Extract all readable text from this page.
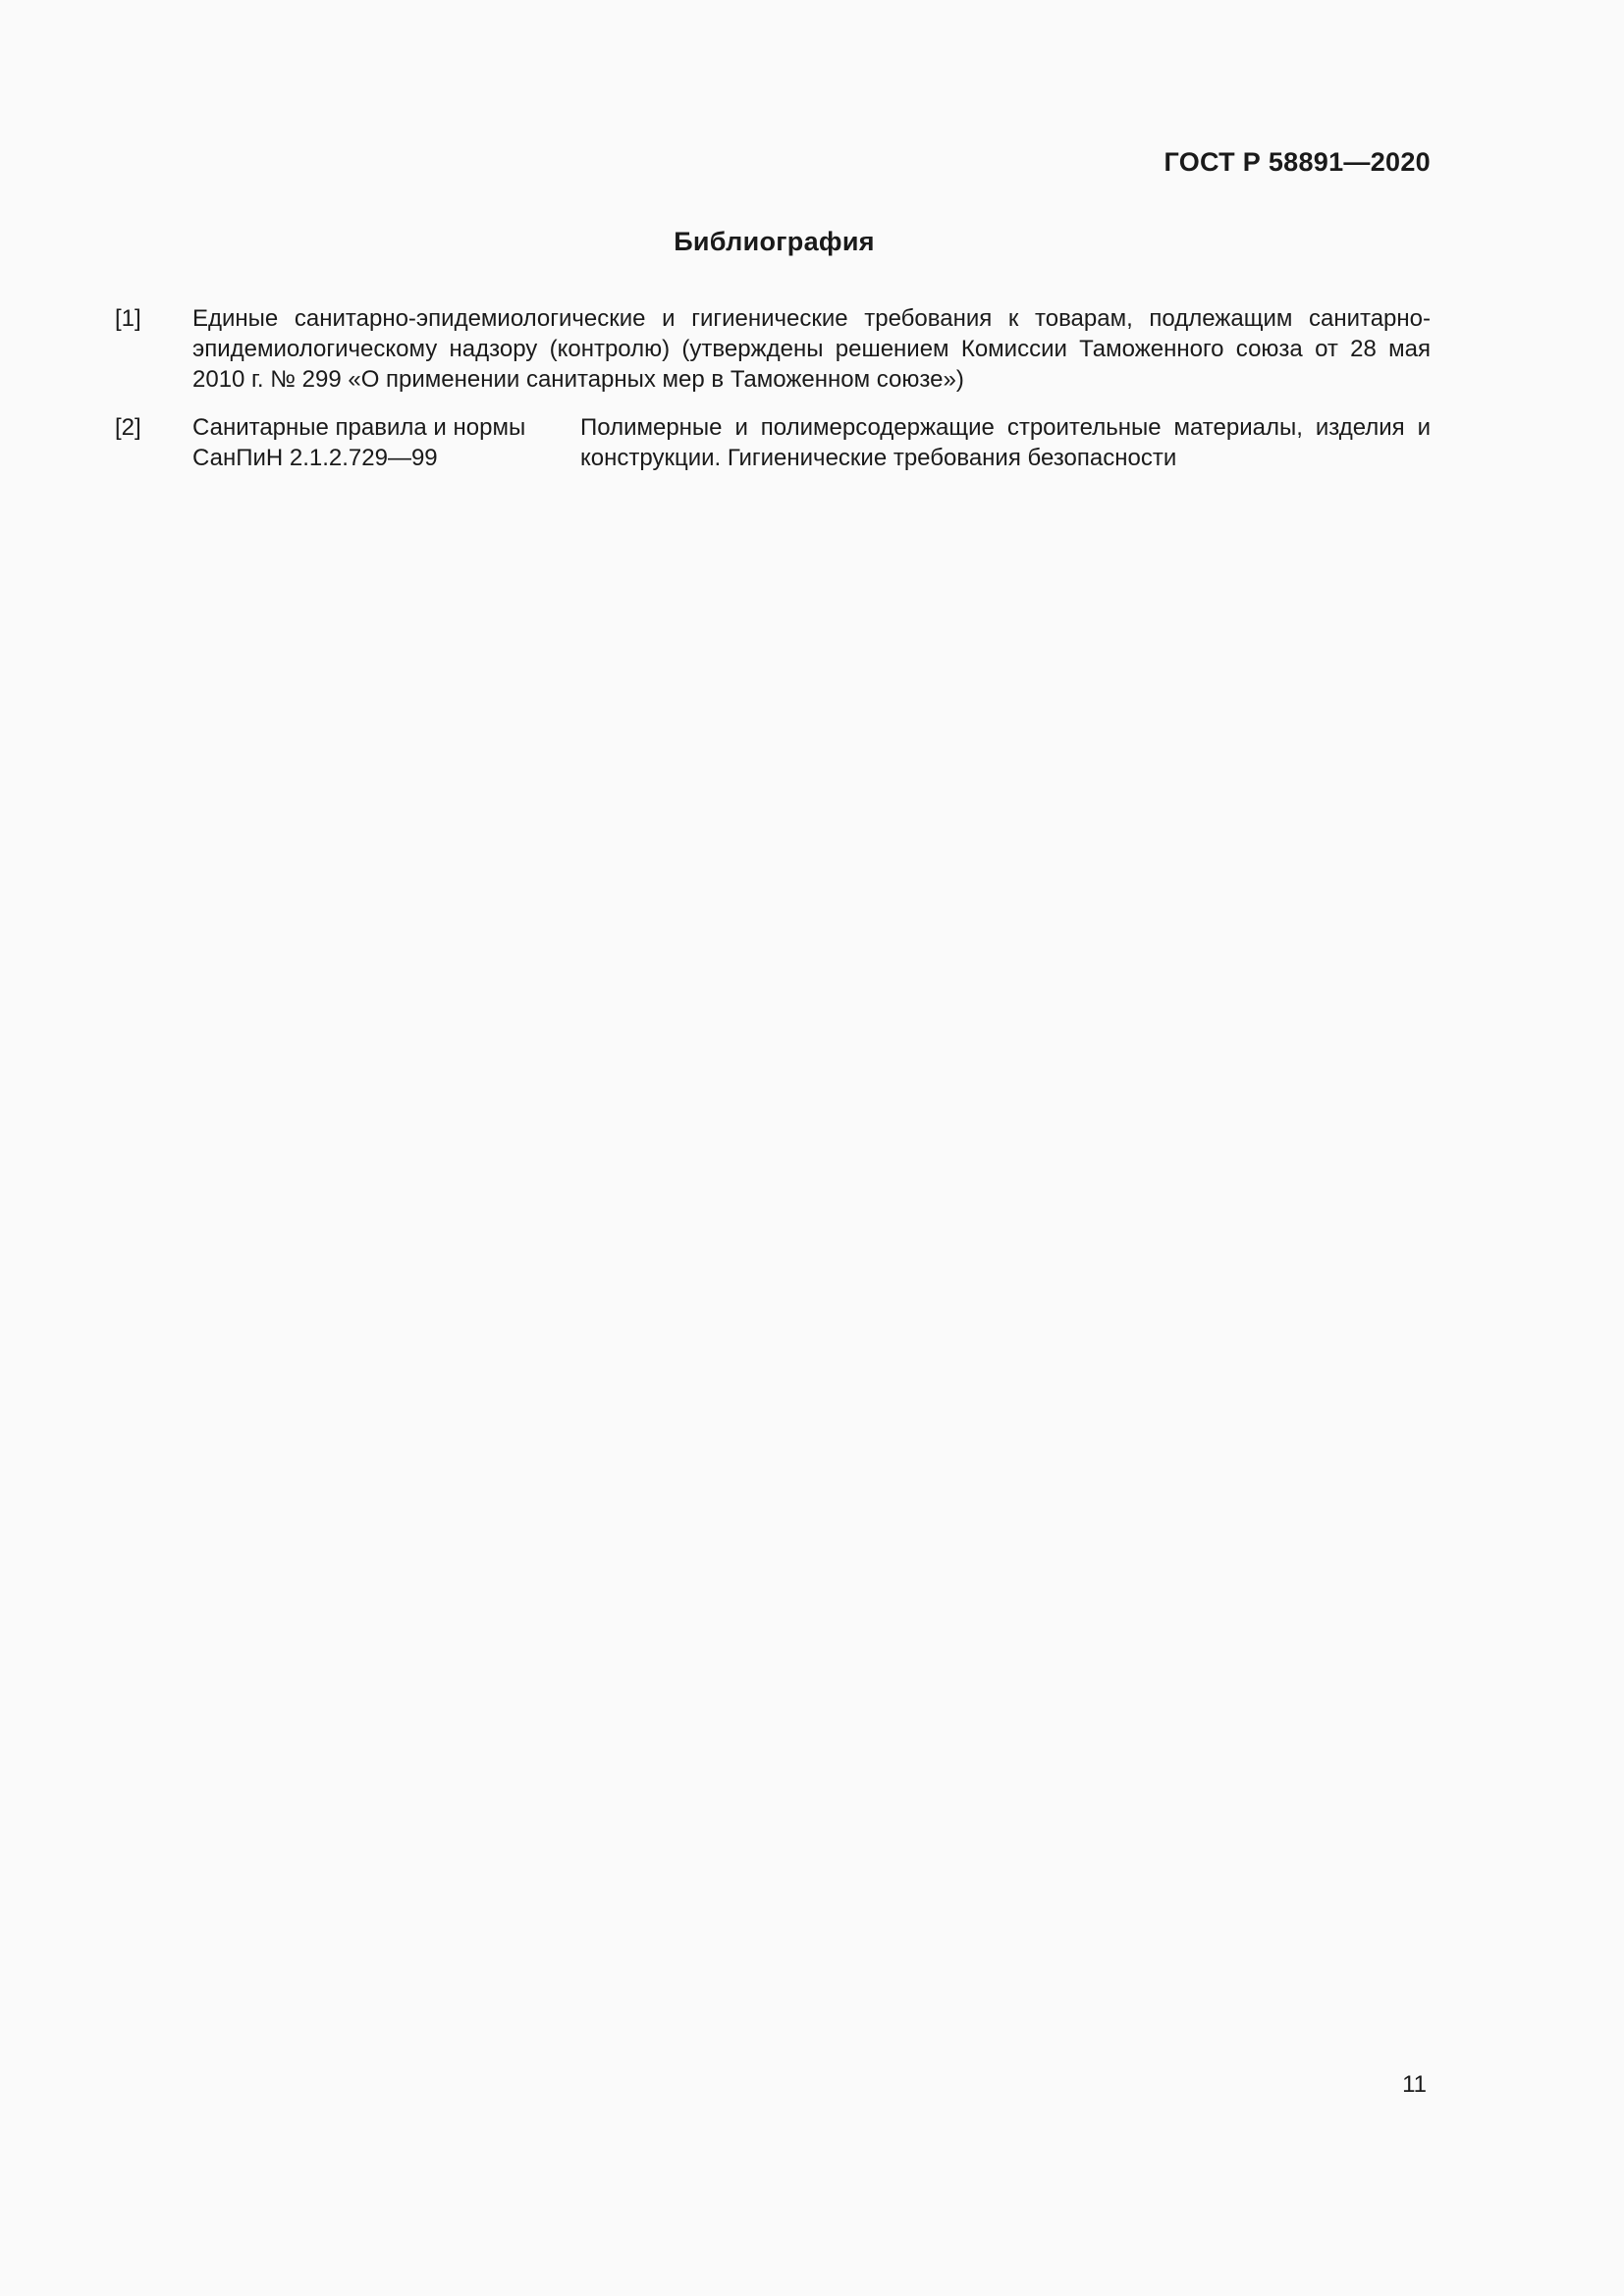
ГОСТ Р 58891—2020
Библиография
[1] Единые санитарно-эпидемиологические и гигиенические требования к товарам, подлежащим санитарно-эпидемиологическому надзору (контролю) (утверждены решением Комиссии Таможенного союза от 28 мая 2010 г. № 299 «О применении санитарных мер в Таможенном союзе»)
[2] Санитарные правила и нормы
СанПиН 2.1.2.729—99
Полимерные и полимерсодержащие строительные материалы, изделия и конструкции. Гигиенические требования безопасности
11
